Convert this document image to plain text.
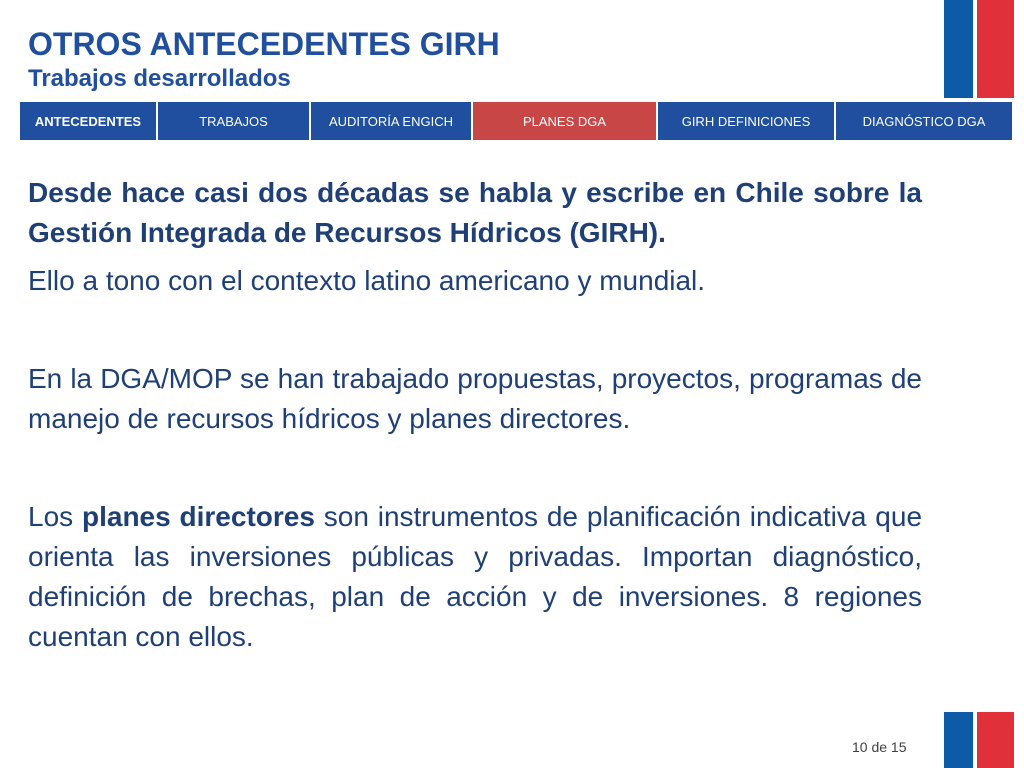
OTROS ANTECEDENTES GIRH
Trabajos desarrollados
ANTECEDENTES	TRABAJOS	AUDITORÍA ENGICH	PLANES DGA	GIRH DEFINICIONES	DIAGNÓSTICO DGA

Desde hace casi dos décadas se habla y escribe en Chile sobre la Gestión Integrada de Recursos Hídricos (GIRH).

Ello a tono con el contexto latino americano y mundial.

En la DGA/MOP se han trabajado propuestas, proyectos, programas de manejo de recursos hídricos y planes directores.

Los planes directores son instrumentos de planificación indicativa que orienta las inversiones públicas y privadas. Importan diagnóstico, definición de brechas, plan de acción y de inversiones. 8 regiones cuentan con ellos.

10 de 15
